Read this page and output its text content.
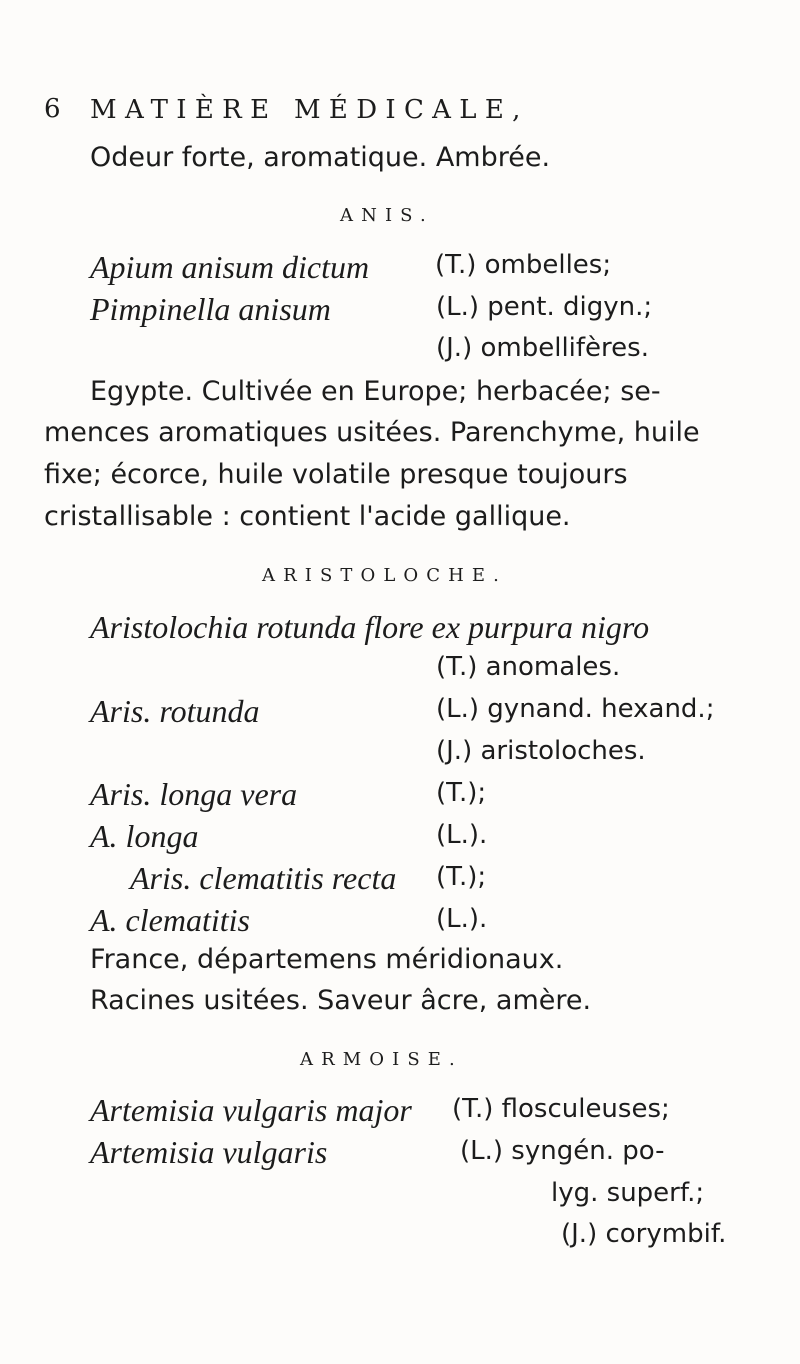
6 MATIÈRE MÉDICALE,
Odeur forte, aromatique. Ambrée.
ANIS.
Apium anisum dictum	(T.) ombelles;
Pimpinella anisum	(L.) pent. digyn.;
(J.) ombellifères.
Egypte. Cultivée en Europe; herbacée; se-
mences aromatiques usitées. Parenchyme, huile
fixe; écorce, huile volatile presque toujours
cristallisable : contient l'acide gallique.
ARISTOLOCHE.
Aristolochia rotunda flore ex purpura nigro
(T.) anomales.
Aris. rotunda	(L.) gynand. hexand.;
(J.) aristoloches.
Aris. longa vera	(T.);
A. longa	(L.).
Aris. clematitis recta (T.);
A. clematitis	(L.).
France, départemens méridionaux.
Racines usitées. Saveur âcre, amère.
ARMOISE.
Artemisia vulgaris major (T.) flosculeuses;
Artemisia vulgaris	(L.) syngén. po-
lyg. superf.;
(J.) corymbif.
